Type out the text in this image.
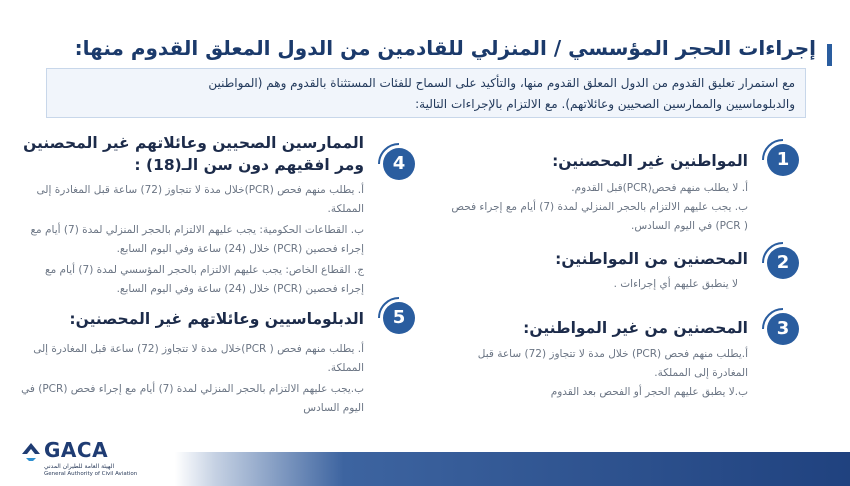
إجراءات الحجر المؤسسي / المنزلي للقادمين من الدول المعلق القدوم منها:
مع استمرار تعليق القدوم من الدول المعلق القدوم منها، والتأكيد على السماح للفئات المستثناة بالقدوم وهم (المواطنين
والدبلوماسيين والممارسين الصحيين وعائلاتهم). مع الالتزام بالإجراءات التالية:
1
المواطنين غير المحصنين:
أ. لا يطلب منهم فحص(PCR)قبل القدوم.
ب. يجب عليهم الالتزام بالحجر المنزلي لمدة (7) أيام مع إجراء فحص
( PCR) في اليوم السادس.
2
المحصنين من المواطنين:
لا ينطبق عليهم أي إجراءات .
3
المحصنين من غير المواطنين:
أ.يطلب منهم فحص (PCR) خلال مدة لا تتجاوز (72) ساعة قبل
المغادرة إلى المملكة.
ب.لا يطبق عليهم الحجر أو الفحص بعد القدوم
4
الممارسين الصحيين وعائلاتهم غير المحصنين
ومر افقيهم دون سن الـ(18) :
أ. يطلب منهم فحص (PCR)خلال مدة لا تتجاوز (72) ساعة قبل المغادرة إلى
المملكة.
ب. القطاعات الحكومية: يجب عليهم الالتزام بالحجر المنزلي لمدة (7) أيام مع
إجراء فحصين (PCR) خلال (24) ساعة وفي اليوم السابع.
ج. القطاع الخاص: يجب عليهم الالتزام بالحجر المؤسسي لمدة (7) أيام مع
إجراء فحصين (PCR) خلال (24) ساعة وفي اليوم السابع.
5
الدبلوماسيين وعائلاتهم غير المحصنين:
أ. يطلب منهم فحص ( PCR)خلال مدة لا تتجاوز (72) ساعة قبل المغادرة إلى
المملكة.
ب.يجب عليهم الالتزام بالحجر المنزلي لمدة (7) أيام مع إجراء فحص (PCR) في
اليوم السادس
GACA
الهيئة العامة للطيران المدني
General Authority of Civil Aviation
